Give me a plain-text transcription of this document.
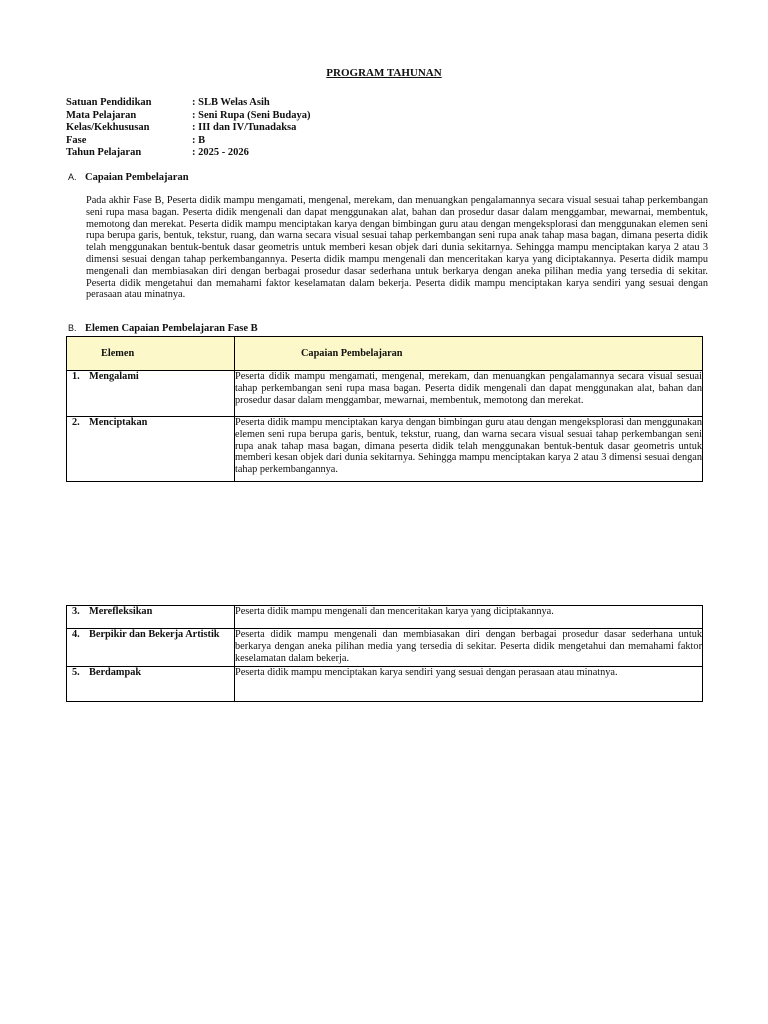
PROGRAM TAHUNAN
Satuan Pendidikan	: SLB Welas Asih
Mata Pelajaran	: Seni Rupa (Seni Budaya)
Kelas/Kekhususan	: III dan IV/Tunadaksa
Fase	: B
Tahun Pelajaran	: 2025 - 2026
A. Capaian Pembelajaran
Pada akhir Fase B, Peserta didik mampu mengamati, mengenal, merekam, dan menuangkan pengalamannya secara visual sesuai tahap perkembangan seni rupa masa bagan. Peserta didik mengenali dan dapat menggunakan alat, bahan dan prosedur dasar dalam menggambar, mewarnai, membentuk, memotong dan merekat. Peserta didik mampu menciptakan karya dengan bimbingan guru atau dengan mengeksplorasi dan menggunakan elemen seni rupa berupa garis, bentuk, tekstur, ruang, dan warna secara visual sesuai tahap perkembangan seni rupa anak tahap masa bagan, dimana peserta didik telah menggunakan bentuk-bentuk dasar geometris untuk memberi kesan objek dari dunia sekitarnya. Sehingga mampu menciptakan karya 2 atau 3 dimensi sesuai dengan tahap perkembangannya. Peserta didik mampu mengenali dan menceritakan karya yang diciptakannya. Peserta didik mampu mengenali dan membiasakan diri dengan berbagai prosedur dasar sederhana untuk berkarya dengan aneka pilihan media yang tersedia di sekitar. Peserta didik mengetahui dan memahami faktor keselamatan dalam bekerja. Peserta didik mampu menciptakan karya sendiri yang sesuai dengan perasaan atau minatnya.
B. Elemen Capaian Pembelajaran Fase B
Elemen	Capaian Pembelajaran
1. Mengalami	Peserta didik mampu mengamati, mengenal, merekam, dan menuangkan pengalamannya secara visual sesuai tahap perkembangan seni rupa masa bagan. Peserta didik mengenali dan dapat menggunakan alat, bahan dan prosedur dasar dalam menggambar, mewarnai, membentuk, memotong dan merekat.
2. Menciptakan	Peserta didik mampu menciptakan karya dengan bimbingan guru atau dengan mengeksplorasi dan menggunakan elemen seni rupa berupa garis, bentuk, tekstur, ruang, dan warna secara visual sesuai tahap perkembangan seni rupa anak tahap masa bagan, dimana peserta didik telah menggunakan bentuk-bentuk dasar geometris untuk memberi kesan objek dari dunia sekitarnya. Sehingga mampu menciptakan karya 2 atau 3 dimensi sesuai dengan tahap perkembangannya.
3. Merefleksikan	Peserta didik mampu mengenali dan menceritakan karya yang diciptakannya.
4. Berpikir dan Bekerja Artistik	Peserta didik mampu mengenali dan membiasakan diri dengan berbagai prosedur dasar sederhana untuk berkarya dengan aneka pilihan media yang tersedia di sekitar. Peserta didik mengetahui dan memahami faktor keselamatan dalam bekerja.
5. Berdampak	Peserta didik mampu menciptakan karya sendiri yang sesuai dengan perasaan atau minatnya.
